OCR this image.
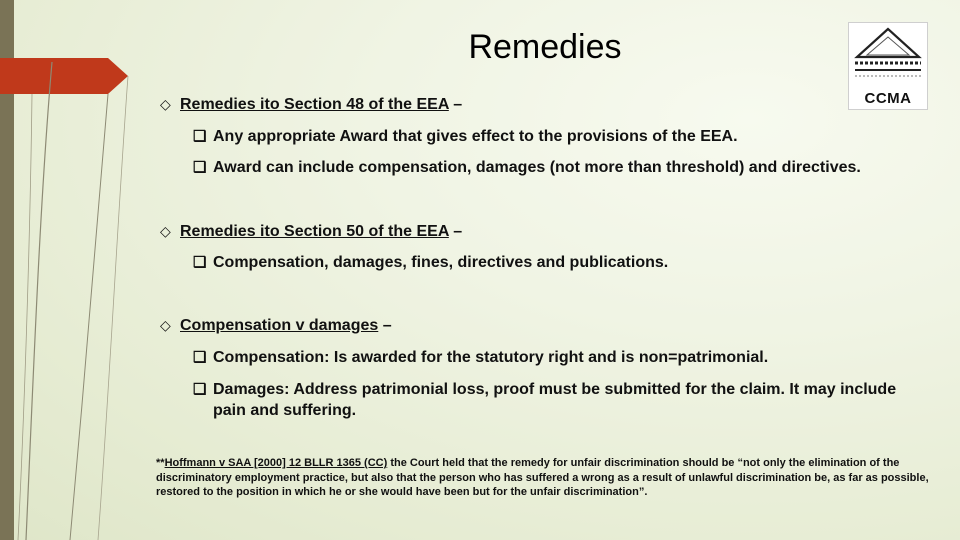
Remedies
CCMA
◇ Remedies ito Section 48 of the EEA –
❑ Any appropriate Award that gives effect to the provisions of the EEA.
❑ Award can include compensation, damages (not more than threshold) and directives.
◇ Remedies ito Section 50 of the EEA –
❑ Compensation, damages, fines, directives and publications.
◇ Compensation v damages –
❑ Compensation: Is awarded for the statutory right and is non=patrimonial.
❑ Damages: Address patrimonial loss, proof must be submitted for the claim. It may include pain and suffering.
**Hoffmann v SAA [2000] 12 BLLR 1365 (CC) the Court held that the remedy for unfair discrimination should be “not only the elimination of the discriminatory employment practice, but also that the person who has suffered a wrong as a result of unlawful discrimination be, as far as possible, restored to the position in which he or she would have been but for the unfair discrimination”.
